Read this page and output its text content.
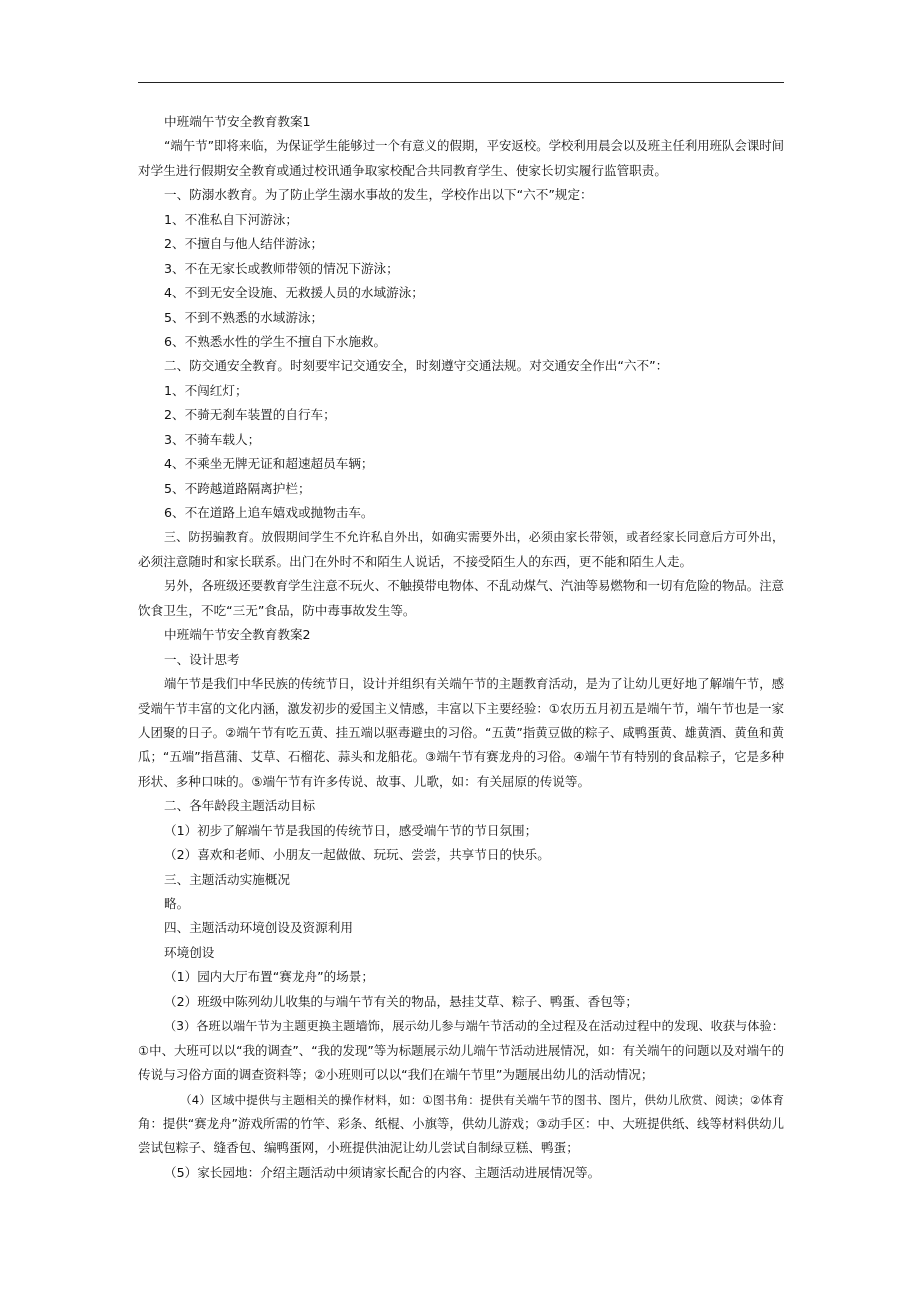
中班端午节安全教育教案1
“端午节”即将来临，为保证学生能够过一个有意义的假期，平安返校。学校利用晨会以及班主任利用班队会课时间
对学生进行假期安全教育或通过校讯通争取家校配合共同教育学生、使家长切实履行监管职责。
一、防溺水教育。为了防止学生溺水事故的发生，学校作出以下“六不”规定：
1、不准私自下河游泳；
2、不擅自与他人结伴游泳；
3、不在无家长或教师带领的情况下游泳；
4、不到无安全设施、无救援人员的水域游泳；
5、不到不熟悉的水域游泳；
6、不熟悉水性的学生不擅自下水施救。
二、防交通安全教育。时刻要牢记交通安全，时刻遵守交通法规。对交通安全作出“六不”：
1、不闯红灯；
2、不骑无刹车装置的自行车；
3、不骑车载人；
4、不乘坐无牌无证和超速超员车辆；
5、不跨越道路隔离护栏；
6、不在道路上追车嬉戏或抛物击车。
三、防拐骗教育。放假期间学生不允许私自外出，如确实需要外出，必须由家长带领，或者经家长同意后方可外出，
必须注意随时和家长联系。出门在外时不和陌生人说话，不接受陌生人的东西，更不能和陌生人走。
另外，各班级还要教育学生注意不玩火、不触摸带电物体、不乱动煤气、汽油等易燃物和一切有危险的物品。注意
饮食卫生，不吃“三无”食品，防中毒事故发生等。
中班端午节安全教育教案2
一、设计思考
端午节是我们中华民族的传统节日，设计并组织有关端午节的主题教育活动，是为了让幼儿更好地了解端午节，感
受端午节丰富的文化内涵，激发初步的爱国主义情感，丰富以下主要经验：①农历五月初五是端午节，端午节也是一家
人团聚的日子。②端午节有吃五黄、挂五端以驱毒避虫的习俗。“五黄”指黄豆做的粽子、咸鸭蛋黄、雄黄酒、黄鱼和黄
瓜；“五端”指菖蒲、艾草、石榴花、蒜头和龙船花。③端午节有赛龙舟的习俗。④端午节有特别的食品粽子，它是多种
形状、多种口味的。⑤端午节有许多传说、故事、儿歌，如：有关屈原的传说等。
二、各年龄段主题活动目标
（1）初步了解端午节是我国的传统节日，感受端午节的节日氛围；
（2）喜欢和老师、小朋友一起做做、玩玩、尝尝，共享节日的快乐。
三、主题活动实施概况
略。
四、主题活动环境创设及资源利用
环境创设
（1）园内大厅布置“赛龙舟”的场景；
（2）班级中陈列幼儿收集的与端午节有关的物品，悬挂艾草、粽子、鸭蛋、香包等；
（3）各班以端午节为主题更换主题墙饰，展示幼儿参与端午节活动的全过程及在活动过程中的发现、收获与体验：
①中、大班可以以“我的调查”、“我的发现”等为标题展示幼儿端午节活动进展情况，如：有关端午的问题以及对端午的
传说与习俗方面的调查资料等；②小班则可以以“我们在端午节里”为题展出幼儿的活动情况；
（4）区域中提供与主题相关的操作材料，如：①图书角：提供有关端午节的图书、图片，供幼儿欣赏、阅读；②体育
角：提供“赛龙舟”游戏所需的竹竿、彩条、纸棍、小旗等，供幼儿游戏；③动手区：中、大班提供纸、线等材料供幼儿
尝试包粽子、缝香包、编鸭蛋网，小班提供油泥让幼儿尝试自制绿豆糕、鸭蛋；
（5）家长园地：介绍主题活动中须请家长配合的内容、主题活动进展情况等。
